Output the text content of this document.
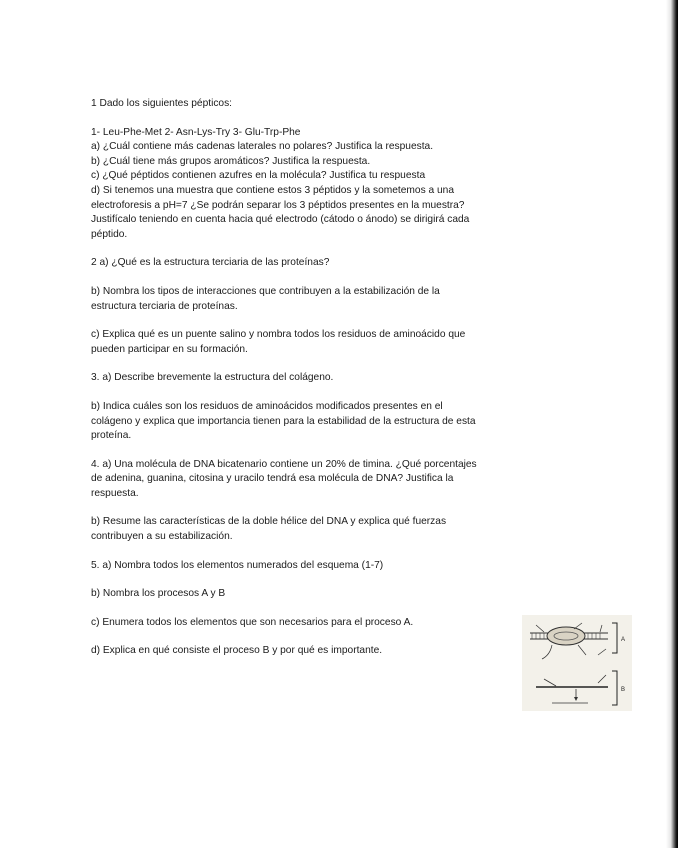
1 Dado los siguientes pépticos:
1- Leu-Phe-Met 2- Asn-Lys-Try 3- Glu-Trp-Phe
a) ¿Cuál contiene más cadenas laterales no polares? Justifica la respuesta.
b) ¿Cuál tiene más grupos aromáticos? Justifica la respuesta.
c) ¿Qué péptidos contienen azufres en la molécula? Justifica tu respuesta
d) Si tenemos una muestra que contiene estos 3 péptidos y la sometemos a una
electroforesis a pH=7 ¿Se podrán separar los 3 péptidos presentes en la muestra?
Justifícalo teniendo en cuenta hacia qué electrodo (cátodo o ánodo) se dirigirá cada
péptido.
2 a) ¿Qué es la estructura terciaria de las proteínas?
b) Nombra los tipos de interacciones que contribuyen a la estabilización de la
estructura terciaria de proteínas.
c) Explica qué es un puente salino y nombra todos los residuos de aminoácido que
pueden participar en su formación.
3. a) Describe brevemente la estructura del colágeno.
b) Indica cuáles son los residuos de aminoácidos modificados presentes en el
colágeno y explica que importancia tienen para la estabilidad de la estructura de esta
proteína.
4. a) Una molécula de DNA bicatenario contiene un 20% de timina. ¿Qué porcentajes
de adenina, guanina, citosina y uracilo tendrá esa molécula de DNA? Justifica la
respuesta.
b) Resume las características de la doble hélice del DNA y explica qué fuerzas
contribuyen a su estabilización.
5. a) Nombra todos los elementos numerados del esquema (1-7)
b) Nombra los procesos A y B
c) Enumera todos los elementos que son necesarios para el proceso A.
d) Explica en qué consiste el proceso B y por qué es importante.
A
B
